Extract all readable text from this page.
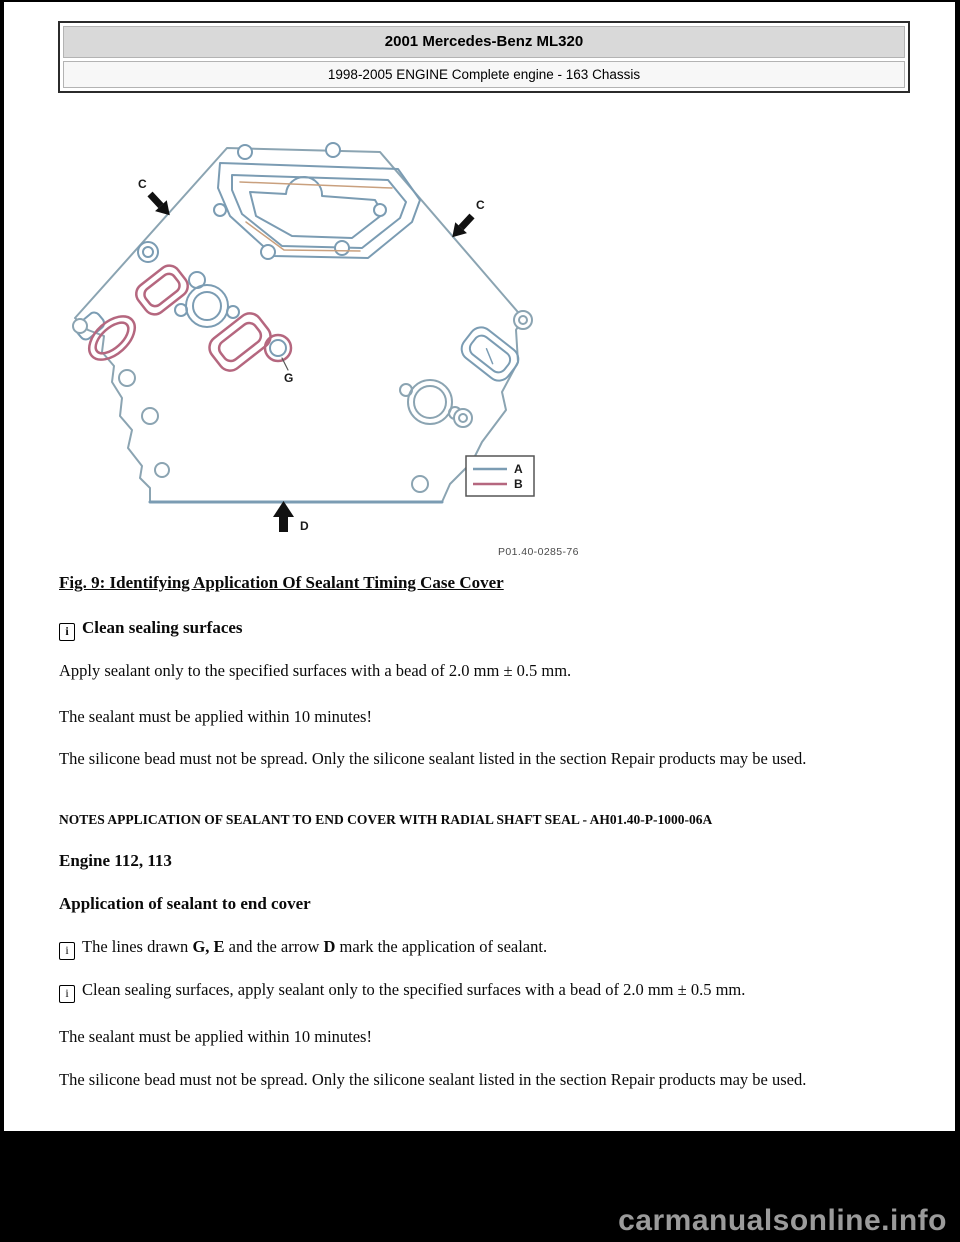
2001 Mercedes-Benz ML320
1998-2005 ENGINE Complete engine - 163 Chassis
C
C
G
D
A
B
P01.40-0285-76
Fig. 9: Identifying Application Of Sealant Timing Case Cover
i Clean sealing surfaces
Apply sealant only to the specified surfaces with a bead of 2.0 mm ± 0.5 mm.
The sealant must be applied within 10 minutes!
The silicone bead must not be spread. Only the silicone sealant listed in the section Repair products may be used.
NOTES APPLICATION OF SEALANT TO END COVER WITH RADIAL SHAFT SEAL - AH01.40-P-1000-06A
Engine 112, 113
Application of sealant to end cover
i The lines drawn G, E and the arrow D mark the application of sealant.
i Clean sealing surfaces, apply sealant only to the specified surfaces with a bead of 2.0 mm ± 0.5 mm.
The sealant must be applied within 10 minutes!
The silicone bead must not be spread. Only the silicone sealant listed in the section Repair products may be used.
carmanualsonline.info
